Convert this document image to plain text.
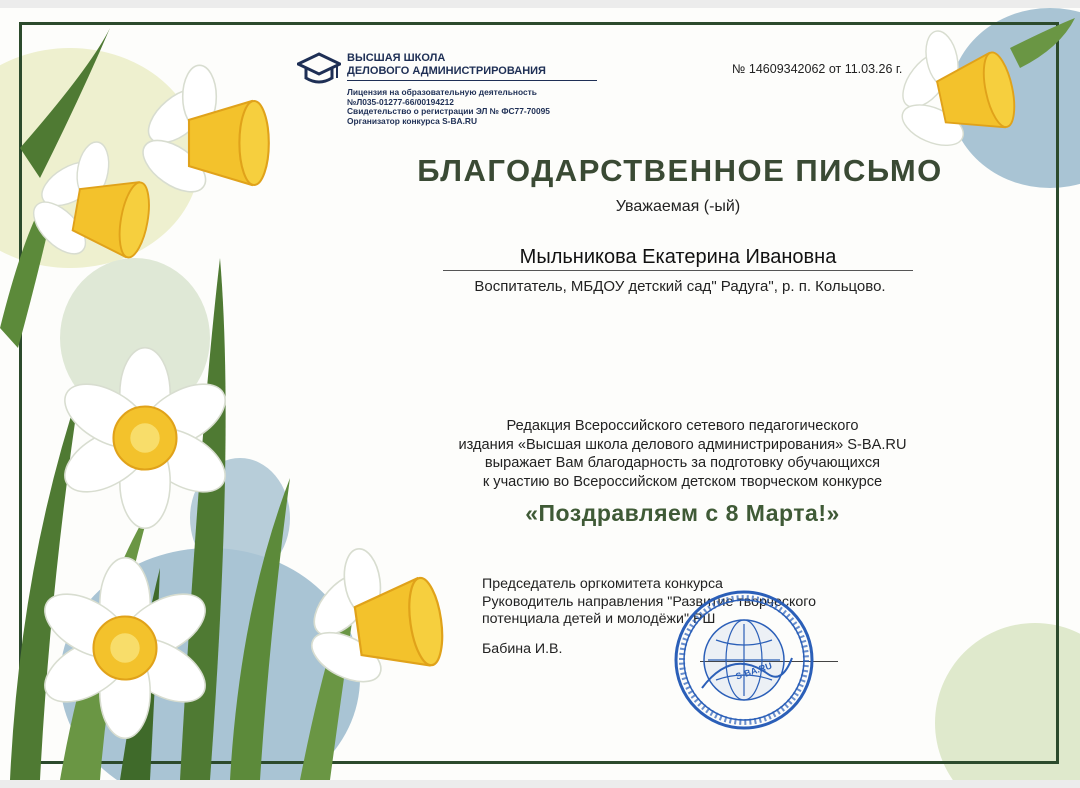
ВЫСШАЯ ШКОЛА
ДЕЛОВОГО АДМИНИСТРИРОВАНИЯ
Лицензия на образовательную деятельность
№Л035-01277-66/00194212
Свидетельство о регистрации ЭЛ № ФС77-70095
Организатор конкурса S-BA.RU
№ 14609342062 от 11.03.26 г.
БЛАГОДАРСТВЕННОЕ ПИСЬМО
Уважаемая (-ый)
Мыльникова Екатерина Ивановна
Воспитатель, МБДОУ детский сад" Радуга", р. п. Кольцово.
Редакция Всероссийского сетевого педагогического
издания «Высшая школа делового администрирования» S-BA.RU
выражает Вам благодарность за подготовку обучающихся
к участию во Всероссийском детском творческом конкурсе
«Поздравляем с 8 Марта!»
Председатель оргкомитета конкурса
Руководитель направления "Развитие творческого
потенциала детей и молодёжи" РШ
Бабина И.В.
S-BA.RU
